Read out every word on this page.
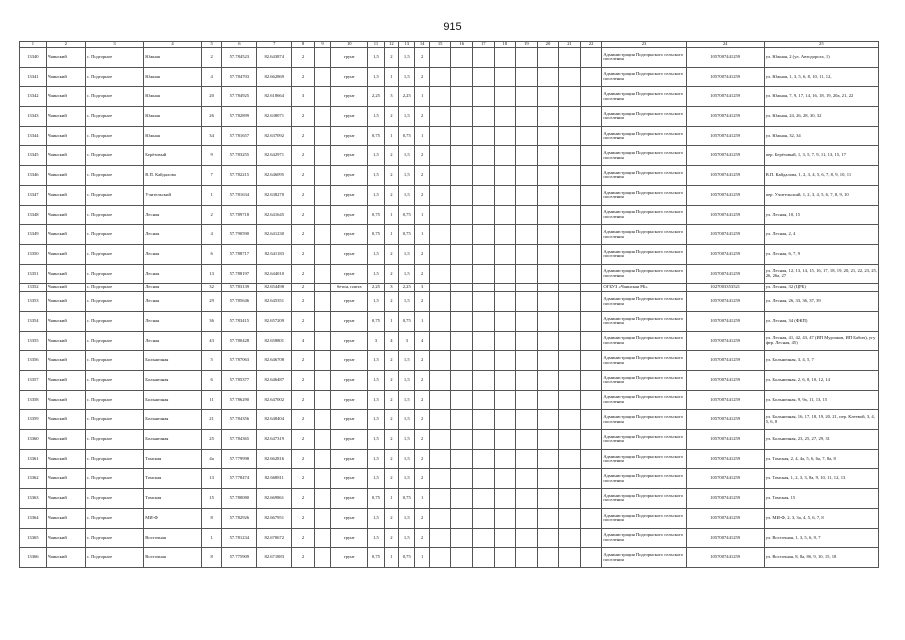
915
1	2	3	4	5	6	7	8	9	10	11	12	13	14	15	16	17	18	19	20	21	22	23	24	25
13340	Чаинский	с. Подгорное	Южная	2	57.784523	82.643874	2		грунт	1,5	2	1,5	2									Администрация Подгорнского сельского поселения	1057007441259	ул. Южная, 2 (ул. Автодорога, 1)
13341	Чаинский	с. Подгорное	Южная	4	57.784703	82.662869	2		грунт	1,5	1	1,5	2									Администрация Подгорнского сельского поселения	1057007441259	ул. Южная, 1, 3, 5, 6, 8, 10, 11, 12,
13342	Чаинский	с. Подгорное	Южная	20	57.784925	82.618664	3		грунт	2,25	3	2,25	1									Администрация Подгорнского сельского поселения	1057007441259	ул. Южная, 7, 9, 17, 14, 16, 18, 19, 20а, 21, 22
13343	Чаинский	с. Подгорное	Южная	26	57.782899	82.638071	2		грунт	1,5	2	1,5	2									Администрация Подгорнского сельского поселения	1057007441259	ул. Южная, 24, 26, 28, 30, 32
13344	Чаинский	с. Подгорное	Южная	34	57.781657	82.637092	2		грунт	0,75	1	0,75	1									Администрация Подгорнского сельского поселения	1057007441259	ул. Южная, 32, 34
13345	Чаинский	с. Подгорное	Берёзовый	9	57.783255	82.642971	2		грунт	1,5	2	1,5	2									Администрация Подгорнского сельского поселения	1057007441259	пер. Берёзовый, 1, 3, 5, 7, 9, 11, 13, 15, 17
13346	Чаинский	с. Подгорное	В.П. Кайдалова	7	57.782215	82.646095	2		грунт	1,5	2	1,5	2									Администрация Подгорнского сельского поселения	1057007441259	В.П. Кайдалова, 1, 2, 3, 4, 5, 6, 7, 8, 9, 10, 11
13347	Чаинский	с. Подгорное	Учительский	1	57.781634	82.638270	2		грунт	1,5	2	1,5	2									Администрация Подгорнского сельского поселения	1057007441259	пер. Учительский, 1, 2, 3, 4, 5, 6, 7, 8, 9, 10
13348	Чаинский	с. Подгорное	Лесная	2	57.789718	82.641645	2		грунт	0,75	1	0,75	1									Администрация Подгорнского сельского поселения	1057007441259	ул. Лесная, 10, 15
13349	Чаинский	с. Подгорное	Лесная	4	57.790590	82.641230	2		грунт	0,75	1	0,75	1									Администрация Подгорнского сельского поселения	1057007441259	ул. Лесная, 2, 4
13350	Чаинский	с. Подгорное	Лесная	6	57.788717	82.641183	2		грунт	1,5	2	1,5	2									Администрация Подгорнского сельского поселения	1057007441259	ул. Лесная, 6, 7, 9
13351	Чаинский	с. Подгорное	Лесная	13	57.788197	82.644010	2		грунт	1,5	2	1,5	2									Администрация Подгорнского сельского поселения	1057007441259	ул. Лесная, 12, 13, 14, 15, 16, 17, 18, 19, 20, 21, 22, 23, 25, 26, 26а, 27
13352	Чаинский	с. Подгорное	Лесная	32	57.783139	82.654498	2		бетон, плита	2,25	3	2,25	3									ОГБУЗ «Чаинская РБ»	1027003353521	ул. Лесная, 32 (ЦРБ)
13353	Чаинский	с. Подгорное	Лесная	29	57.785646	82.645351	2		грунт	1,5	2	1,5	2									Администрация Подгорнского сельского поселения	1057007441259	ул. Лесная, 26, 33, 36, 37, 39
13354	Чаинский	с. Подгорное	Лесная	36	57.783415	82.657209	2		грунт	0,75	1	0,75	1									Администрация Подгорнского сельского поселения	1057007441259	ул. Лесная, 34 (ФКП)
13355	Чаинский	с. Подгорное	Лесная	43	57.780428	82.658801	4		грунт	3	4	3	4									Администрация Подгорнского сельского поселения	1057007441259	ул. Лесная, 41, 42, 43, 47 (ИП Мурзаков, ИП Бабич), угу фер. Лесная, 45)
13356	Чаинский	с. Подгорное	Больничная	5	57.787063	82.646708	2		грунт	1,5	2	1,5	2									Администрация Подгорнского сельского поселения	1057007441259	ул. Больничная, 3, 4, 5, 7
13357	Чаинский	с. Подгорное	Больничная	6	57.785377	82.646487	2		грунт	1,5	2	1,5	2									Администрация Подгорнского сельского поселения	1057007441259	ул. Больничная, 2, 6, 8, 10, 12, 14
13358	Чаинский	с. Подгорное	Больничная	11	57.786290	82.647002	2		грунт	1,5	2	1,5	2									Администрация Подгорнского сельского поселения	1057007441259	ул. Больничная, 9, 9а, 11, 13, 15
13359	Чаинский	с. Подгорное	Больничная	21	57.784356	82.648404	2		грунт	1,5	2	1,5	2									Администрация Подгорнского сельского поселения	1057007441259	ул. Больничная, 16, 17, 18, 19, 20, 21, пер. Клеевой, 3, 4, 5, 6, 8
13360	Чаинский	с. Подгорное	Больничная	25	57.784365	82.647319	2		грунт	1,5	2	1,5	2									Администрация Подгорнского сельского поселения	1057007441259	ул. Больничная, 23, 25, 27, 29, 31
13361	Чаинский	с. Подгорное	Томская	4а	57.779998	82.662816	2		грунт	1,5	2	1,5	2									Администрация Подгорнского сельского поселения	1057007441259	ул. Томская, 2, 4, 4а, 5, 6, 6а, 7, 8а, 8
13362	Чаинский	с. Подгорное	Томская	13	57.778474	82.668811	2		грунт	1,5	2	1,5	2									Администрация Подгорнского сельского поселения	1057007441259	ул. Томская, 1, 2, 3, 3, 8а, 9, 10, 11, 12, 13
13363	Чаинский	с. Подгорное	Томская	15	57.780080	82.669861	2		грунт	0,75	1	0,75	1									Администрация Подгорнского сельского поселения	1057007441259	ул. Томская, 15
13364	Чаинский	с. Подгорное	МИ-Ф	8	57.782926	82.667951	2		грунт	1,5	2	1,5	2									Администрация Подгорнского сельского поселения	1057007441259	ул. МИ-Ф, 2, 3, 3а, 4, 5, 6, 7, 8
13365	Чаинский	с. Подгорное	Восточная	1	57.781234	82.670672	2		грунт	1,5	2	1,5	2									Администрация Подгорнского сельского поселения	1057007441259	ул. Восточная, 1, 3, 5, 6, 9, 7
13366	Чаинский	с. Подгорное	Восточная	8	57.775909	82.671883	2		грунт	0,75	1	0,75	1									Администрация Подгорнского сельского поселения	1057007441259	ул. Восточная, 8, 8а, 8б, 9, 10, 15, 18
